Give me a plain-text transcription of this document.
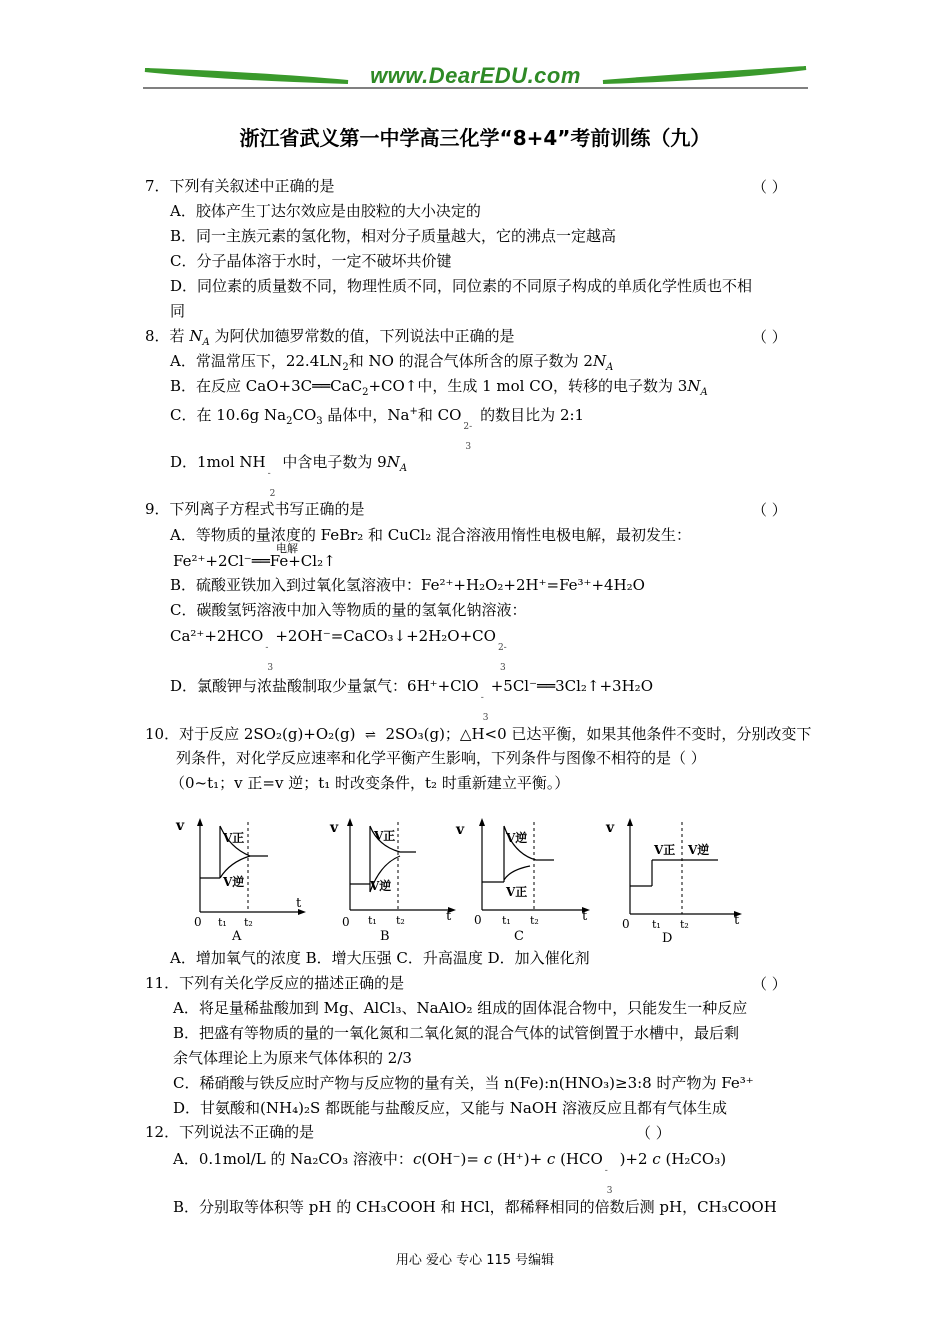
www.DearEDU.com
浙江省武义第一中学高三化学“8+4”考前训练（九）
7．下列有关叙述中正确的是	（ ）
A．胶体产生丁达尔效应是由胶粒的大小决定的
B．同一主族元素的氢化物，相对分子质量越大，它的沸点一定越高
C．分子晶体溶于水时，一定不破坏共价键
D．同位素的质量数不同，物理性质不同，同位素的不同原子构成的单质化学性质也不相
同
8．若 $N_A$ 为阿伏加德罗常数的值，下列说法中正确的是	（ ）
A．常温常压下，$22.4LN_2$和 NO 的混合气体所含的原子数为 $2N_A$
B．在反应 CaO+3C══CaC$_2$+CO↑中，生成 1 mol CO，转移的电子数为 $3N_A$
C．在 10.6g $Na_2CO_3$ 晶体中，Na+和 CO
2-
3
的数目比为 2:1
D．1mol NH
-
2
中含电子数为 $9N_A$
9．下列离子方程式书写正确的是	（ ）
A．等物质的量浓度的 FeBr₂ 和 CuCl₂ 混合溶液用惰性电极电解，最初发生：
电解
Fe²⁺+2Cl⁻══Fe+Cl₂↑
B．硫酸亚铁加入到过氧化氢溶液中：Fe²⁺+H₂O₂+2H⁺=Fe³⁺+4H₂O
C．碳酸氢钙溶液中加入等物质的量的氢氧化钠溶液：
Ca²⁺+2HCO
-
3
+2OH⁻=CaCO₃↓+2H₂O+CO
2-
3
D．氯酸钾与浓盐酸制取少量氯气：6H⁺+ClO
-
3
+5Cl⁻══3Cl₂↑+3H₂O
10．对于反应 2SO₂(g)+O₂(g) ⇌ 2SO₃(g)；△H<0 已达平衡，如果其他条件不变时，分别改变下
列条件，对化学反应速率和化学平衡产生影响，下列条件与图像不相符的是（ ）
（0~t₁；v 正=v 逆；t₁ 时改变条件，t₂ 时重新建立平衡。）
v
t
0 t₁ t₂
V正
V逆
A
v
t
0 t₁ t₂
V正
V逆
B
v
t
0 t₁ t₂
V逆
V正
C
v
t
0 t₁ t₂
V正 V逆
D
A．增加氧气的浓度 B．增大压强 C．升高温度 D．加入催化剂
11．下列有关化学反应的描述正确的是	（ ）
A．将足量稀盐酸加到 Mg、AlCl₃、NaAlO₂ 组成的固体混合物中，只能发生一种反应
B．把盛有等物质的量的一氧化氮和二氧化氮的混合气体的试管倒置于水槽中，最后剩
余气体理论上为原来气体体积的 2/3
C．稀硝酸与铁反应时产物与反应物的量有关，当 n(Fe):n(HNO₃)≥3:8 时产物为 Fe³⁺
D．甘氨酸和(NH₄)₂S 都既能与盐酸反应，又能与 NaOH 溶液反应且都有气体生成
12．下列说法不正确的是	（ ）
A．0.1mol/L 的 Na₂CO₃ 溶液中：c(OH⁻)= c (H⁺)+ c (HCO
-
3
)+2 c (H₂CO₃)
B．分别取等体积等 pH 的 CH₃COOH 和 HCl，都稀释相同的倍数后测 pH，CH₃COOH
用心 爱心 专心 115 号编辑
